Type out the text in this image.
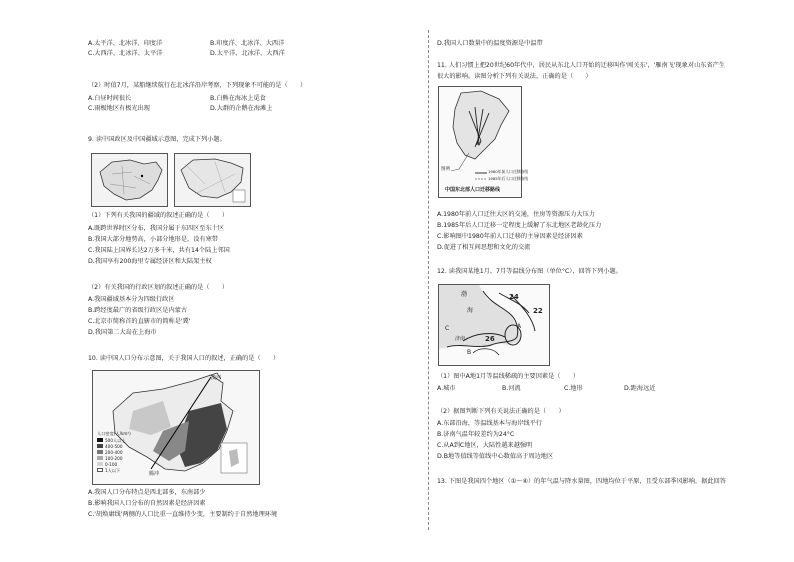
A.太平洋、北冰洋、印度洋	B.印度洋、北冰洋、大西洋
C.大西洋、北冰洋、太平洋	D.太平洋、北冰洋、大西洋
（2）时值7月，某船继续航行在北冰洋沿岸考察，下列现象不可能的是（　　）
A.白昼时间很长	B.白熊在海冰上觅食
C.雨极地区有极光出现	D.大群的企鹅在海滩上
9. 读中国政区及中国疆域示意图，完成下列小题。
（1）下列有关我国的疆域的叙述正确的是（　　）
A.既跨世界时区分布，我国分属于东四区至东十区
B.我国大部分地势高，小部分地形是，没有寒带
C.我国陆上国界长达2万多千米，共有14个陆上邻国
D.我国享有200海里专属经济区和大陆架主权
（2）有关我国的行政区划的叙述正确的是（　　）
A.我国疆域基本分为四级行政区
B.跨经度最广的省级行政区是内蒙古
C.北京市简称首的直辖市的简称是'冀'
D.我国第二大岛在上海市
10. 读中国人口分布示意图，关于我国人口的叙述，正确的是（　　）
漠河
腾冲
人口密度(人/km²)
500人以上
400-500
200-400
100-200
0-100
1人以下
A.我国人口分布特点是西北部多，东南部少
B.影响我国人口分布的自然因素是经济因素
C.'胡焕庸线'两侧的人口比重一直维持少变，主要制约于自然地理环境
D.我国人口数量中的温度资源是中温带
11. 人们习惯上把20世纪60年代中，居民从东北人口开始的迁移叫作'闯关东'，'雁南飞'现象对山东省产生
很大的影响。读图分析下列有关说法，正确的是（　　）
图例	1980年前人口迁移路线
1985年后人口迁移路线
中国东北部人口迁移路线
A.1980年前人口迁往大区的交通，住房等资源压力大压力
B.1985年后人口迁移一定程度上缓解了东北地区老龄化压力
C.影响图中1980年前人口迁移的主导因素是经济因素
D.促进了相互间思想和文化的交流
12. 读我国某地1月、7月等温线分布图（单位°C），回答下列小题。
渤
海
济南
24
22
26
A
B
C
（1）图中A地1月等温线稀疏的主要因素是（　　）
A.城市	B.河流	C.地形	D.距海远近
（2）据图判断下列有关说法正确的是（　　）
A.东部沿海，等温线基本与海岸线平行
B.济南气温年较差约为24°C
C.从A到C地区，大陆性越来越强明
D.B地等值线等值线中心数值高于周边地区
13. 下图是我国四个地区（①～④）的年气温与降水量图，四地均位于平原，且受东部季风影响，据此回答
